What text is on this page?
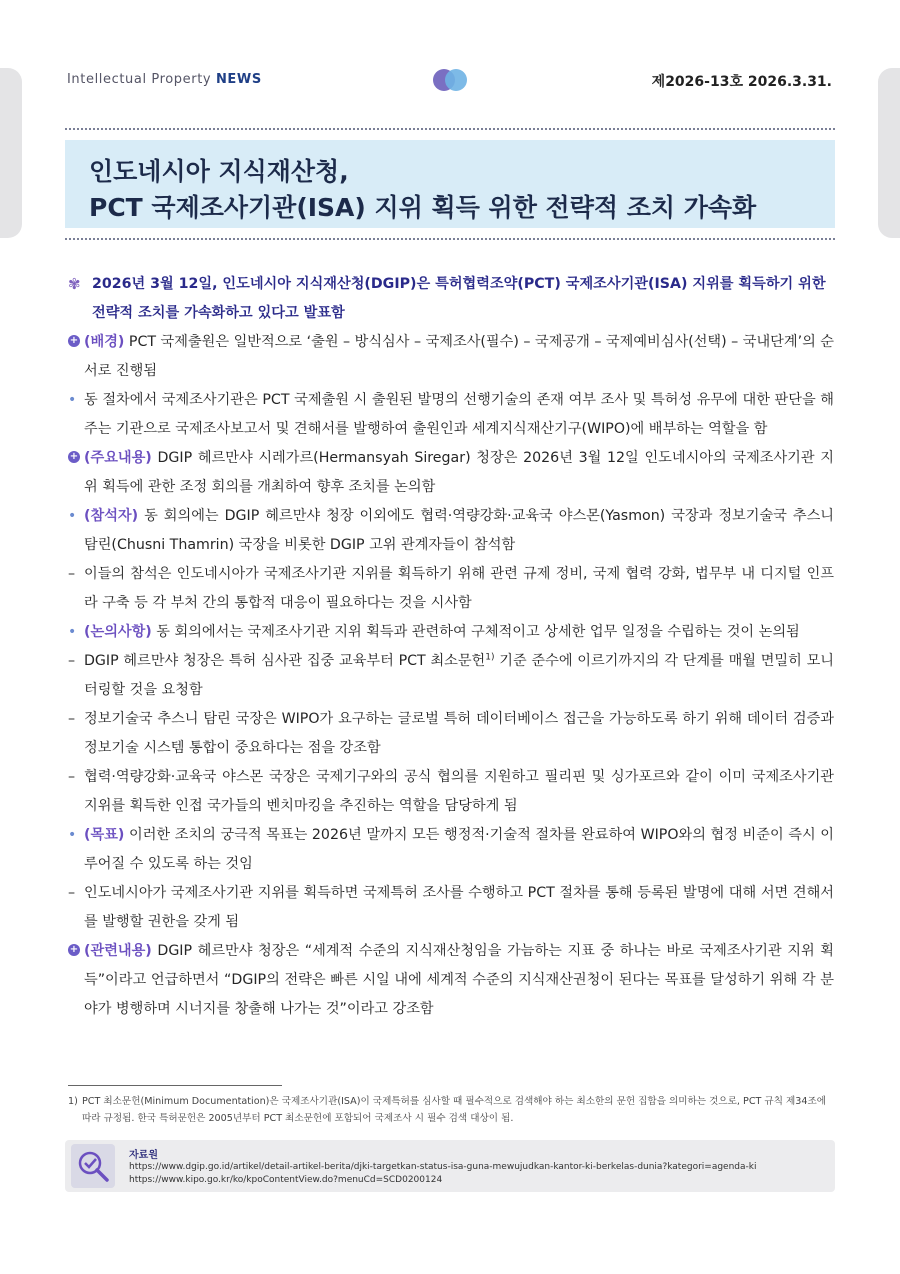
Intellectual Property NEWS	제2026-13호 2026.3.31.
인도네시아 지식재산청,
PCT 국제조사기관(ISA) 지위 획득 위한 전략적 조치 가속화

✾ 2026년 3월 12일, 인도네시아 지식재산청(DGIP)은 특허협력조약(PCT) 국제조사기관(ISA) 지위를 획득하기 위한 전략적 조치를 가속화하고 있다고 발표함

+ (배경) PCT 국제출원은 일반적으로 ‘출원 – 방식심사 – 국제조사(필수) – 국제공개 – 국제예비심사(선택) – 국내단계’의 순서로 진행됨

• 동 절차에서 국제조사기관은 PCT 국제출원 시 출원된 발명의 선행기술의 존재 여부 조사 및 특허성 유무에 대한 판단을 해주는 기관으로 국제조사보고서 및 견해서를 발행하여 출원인과 세계지식재산기구(WIPO)에 배부하는 역할을 함

+ (주요내용) DGIP 헤르만샤 시레가르(Hermansyah Siregar) 청장은 2026년 3월 12일 인도네시아의 국제조사기관 지위 획득에 관한 조정 회의를 개최하여 향후 조치를 논의함

• (참석자) 동 회의에는 DGIP 헤르만샤 청장 이외에도 협력·역량강화·교육국 야스몬(Yasmon) 국장과 정보기술국 추스니 탐린(Chusni Thamrin) 국장을 비롯한 DGIP 고위 관계자들이 참석함

– 이들의 참석은 인도네시아가 국제조사기관 지위를 획득하기 위해 관련 규제 정비, 국제 협력 강화, 법무부 내 디지털 인프라 구축 등 각 부처 간의 통합적 대응이 필요하다는 것을 시사함

• (논의사항) 동 회의에서는 국제조사기관 지위 획득과 관련하여 구체적이고 상세한 업무 일정을 수립하는 것이 논의됨

– DGIP 헤르만샤 청장은 특허 심사관 집중 교육부터 PCT 최소문헌$^{1)}$ 기준 준수에 이르기까지의 각 단계를 매월 면밀히 모니터링할 것을 요청함

– 정보기술국 추스니 탐린 국장은 WIPO가 요구하는 글로벌 특허 데이터베이스 접근을 가능하도록 하기 위해 데이터 검증과 정보기술 시스템 통합이 중요하다는 점을 강조함

– 협력·역량강화·교육국 야스몬 국장은 국제기구와의 공식 협의를 지원하고 필리핀 및 싱가포르와 같이 이미 국제조사기관 지위를 획득한 인접 국가들의 벤치마킹을 추진하는 역할을 담당하게 됨

• (목표) 이러한 조치의 궁극적 목표는 2026년 말까지 모든 행정적·기술적 절차를 완료하여 WIPO와의 협정 비준이 즉시 이루어질 수 있도록 하는 것임

– 인도네시아가 국제조사기관 지위를 획득하면 국제특허 조사를 수행하고 PCT 절차를 통해 등록된 발명에 대해 서면 견해서를 발행할 권한을 갖게 됨

+ (관련내용) DGIP 헤르만샤 청장은 “세계적 수준의 지식재산청임을 가늠하는 지표 중 하나는 바로 국제조사기관 지위 획득”이라고 언급하면서 “DGIP의 전략은 빠른 시일 내에 세계적 수준의 지식재산권청이 된다는 목표를 달성하기 위해 각 분야가 병행하며 시너지를 창출해 나가는 것”이라고 강조함

1) PCT 최소문헌(Minimum Documentation)은 국제조사기관(ISA)이 국제특허를 심사할 때 필수적으로 검색해야 하는 최소한의 문헌 집합을 의미하는 것으로, PCT 규칙 제34조에 따라 규정됨. 한국 특허문헌은 2005년부터 PCT 최소문헌에 포함되어 국제조사 시 필수 검색 대상이 됨.
자료원
https://www.dgip.go.id/artikel/detail-artikel-berita/djki-targetkan-status-isa-guna-mewujudkan-kantor-ki-berkelas-dunia?kategori=agenda-ki
https://www.kipo.go.kr/ko/kpoContentView.do?menuCd=SCD0200124
